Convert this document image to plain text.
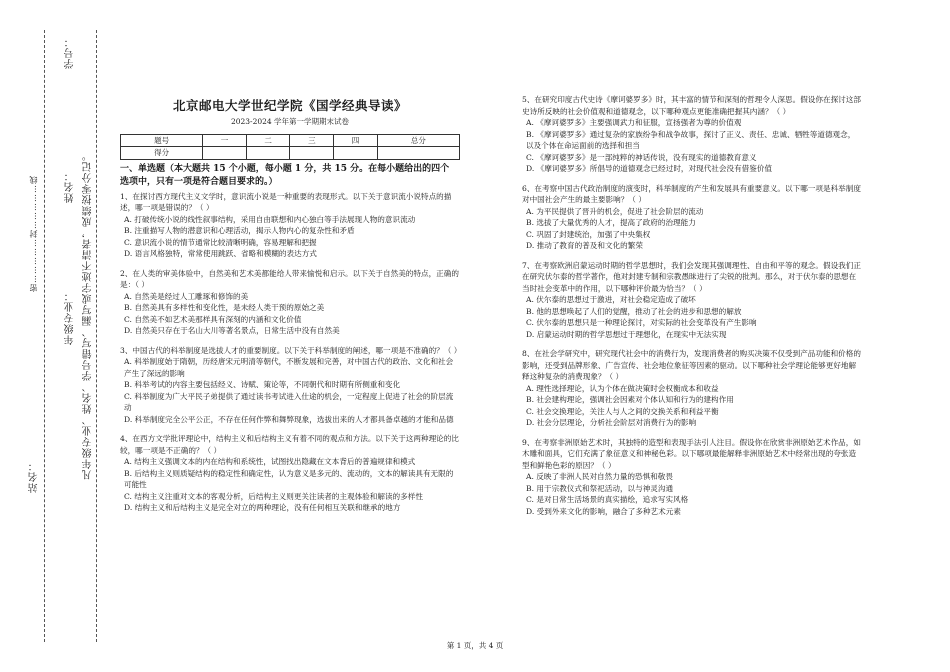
学号：
姓名：
年级专业： 凡年级专业、姓名、学号错写、漏写或字迹不清者，成绩按零分记。
密……………封……………线
站名：
北京邮电大学世纪学院《国学经典导读》
2023-2024 学年第一学期期末试卷
题号	一	二	三	四	总分
得分					
一、单选题（本大题共 15 个小题，每小题 1 分，共 15 分。在每小题给出的四个
选项中，只有一项是符合题目要求的。）

1、在探讨西方现代主义文学时，意识流小说是一种重要的表现形式。以下关于意识流小说特点的描述，哪一项是错误的？（ ）

A. 打破传统小说的线性叙事结构，采用自由联想和内心独白等手法展现人物的意识流动

B. 注重描写人物的潜意识和心理活动，揭示人物内心的复杂性和矛盾

C. 意识流小说的情节通常比较清晰明确，容易理解和把握

D. 语言风格独特，常常使用跳跃、省略和模糊的表达方式

2、在人类的审美体验中，自然美和艺术美都能给人带来愉悦和启示。以下关于自然美的特点，正确的是：（ ）

A. 自然美是经过人工雕琢和修饰的美

B. 自然美具有多样性和变化性，是未经人类干预的原始之美

C. 自然美不如艺术美那样具有深刻的内涵和文化价值

D. 自然美只存在于名山大川等著名景点，日常生活中没有自然美

3、中国古代的科举制度是选拔人才的重要制度。以下关于科举制度的阐述，哪一项是不准确的？（ ）

A. 科举制度始于隋朝，历经唐宋元明清等朝代，不断发展和完善，对中国古代的政治、文化和社会产生了深远的影响

B. 科举考试的内容主要包括经义、诗赋、策论等，不同朝代和时期有所侧重和变化

C. 科举制度为广大平民子弟提供了通过读书考试进入仕途的机会，一定程度上促进了社会的阶层流动

D. 科举制度完全公平公正，不存在任何作弊和舞弊现象，选拔出来的人才都具备卓越的才能和品德

4、在西方文学批评理论中，结构主义和后结构主义有着不同的观点和方法。以下关于这两种理论的比较，哪一项是不正确的？（ ）

A. 结构主义强调文本的内在结构和系统性，试图找出隐藏在文本背后的普遍规律和模式

B. 后结构主义则质疑结构的稳定性和确定性，认为意义是多元的、流动的，文本的解读具有无限的可能性

C. 结构主义注重对文本的客观分析，后结构主义则更关注读者的主观体验和解读的多样性

D. 结构主义和后结构主义是完全对立的两种理论，没有任何相互关联和继承的地方

5、在研究印度古代史诗《摩诃婆罗多》时，其丰富的情节和深刻的哲理令人深思。假设你在探讨这部史诗所反映的社会价值观和道德观念，以下哪种观点更能准确把握其内涵？（ ）

A. 《摩诃婆罗多》主要强调武力和征服，宣扬强者为尊的价值观

B. 《摩诃婆罗多》通过复杂的家族纷争和战争故事，探讨了正义、责任、忠诚、牺牲等道德观念，以及个体在命运面前的选择和担当

C. 《摩诃婆罗多》是一部纯粹的神话传说，没有现实的道德教育意义

D. 《摩诃婆罗多》所倡导的道德观念已经过时，对现代社会没有借鉴价值

6、在考察中国古代政治制度的演变时，科举制度的产生和发展具有重要意义。以下哪一项是科举制度对中国社会产生的最主要影响？（ ）

A. 为平民提供了晋升的机会，促进了社会阶层的流动

B. 选拔了大量优秀的人才，提高了政府的治理能力

C. 巩固了封建统治，加强了中央集权

D. 推动了教育的普及和文化的繁荣

7、在考察欧洲启蒙运动时期的哲学思想时，我们会发现其强调理性、自由和平等的观念。假设我们正在研究伏尔泰的哲学著作，他对封建专制和宗教愚昧进行了尖锐的批判。那么，对于伏尔泰的思想在当时社会变革中的作用，以下哪种评价最为恰当？（ ）

A. 伏尔泰的思想过于激进，对社会稳定造成了破坏

B. 他的思想唤起了人们的觉醒，推动了社会的进步和思想的解放

C. 伏尔泰的思想只是一种理论探讨，对实际的社会变革没有产生影响

D. 启蒙运动时期的哲学思想过于理想化，在现实中无法实现

8、在社会学研究中，研究现代社会中的消费行为，发现消费者的购买决策不仅受到产品功能和价格的影响，还受到品牌形象、广告宣传、社会地位象征等因素的驱动。以下哪种社会学理论能够更好地解释这种复杂的消费现象？（ ）

A. 理性选择理论，认为个体在做决策时会权衡成本和收益

B. 社会建构理论，强调社会因素对个体认知和行为的建构作用

C. 社会交换理论，关注人与人之间的交换关系和利益平衡

D. 社会分层理论，分析社会阶层对消费行为的影响

9、在考察非洲原始艺术时，其独特的造型和表现手法引人注目。假设你在欣赏非洲原始艺术作品，如木雕和面具，它们充满了象征意义和神秘色彩。以下哪项最能解释非洲原始艺术中经常出现的夸张造型和鲜艳色彩的原因？（ ）

A. 反映了非洲人民对自然力量的恐惧和敬畏

B. 用于宗教仪式和祭祀活动，以与神灵沟通

C. 是对日常生活场景的真实描绘，追求写实风格

D. 受到外来文化的影响，融合了多种艺术元素

第 1 页，共 4 页
